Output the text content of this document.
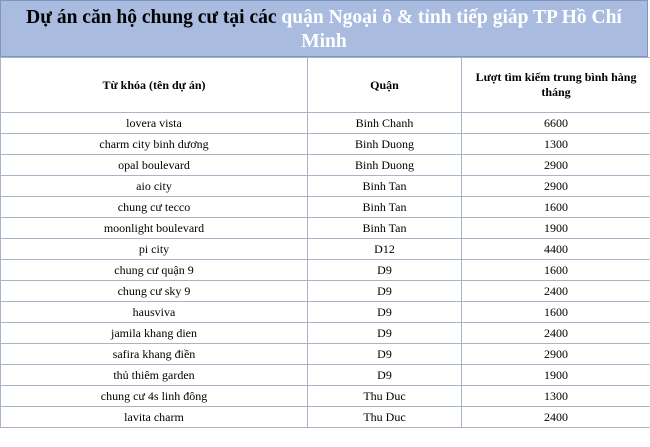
Dự án căn hộ chung cư tại các quận Ngoại ô & tỉnh tiếp giáp TP Hồ Chí Minh
Từ khóa (tên dự án)	Quận	Lượt tìm kiếm trung bình hàng tháng
lovera vista	Binh Chanh	6600
charm city binh dương	Binh Duong	1300
opal boulevard	Binh Duong	2900
aio city	Binh Tan	2900
chung cư tecco	Binh Tan	1600
moonlight boulevard	Binh Tan	1900
pi city	D12	4400
chung cư quận 9	D9	1600
chung cư sky 9	D9	2400
hausviva	D9	1600
jamila khang dien	D9	2400
safira khang điền	D9	2900
thủ thiêm garden	D9	1900
chung cư 4s linh đông	Thu Duc	1300
lavita charm	Thu Duc	2400
